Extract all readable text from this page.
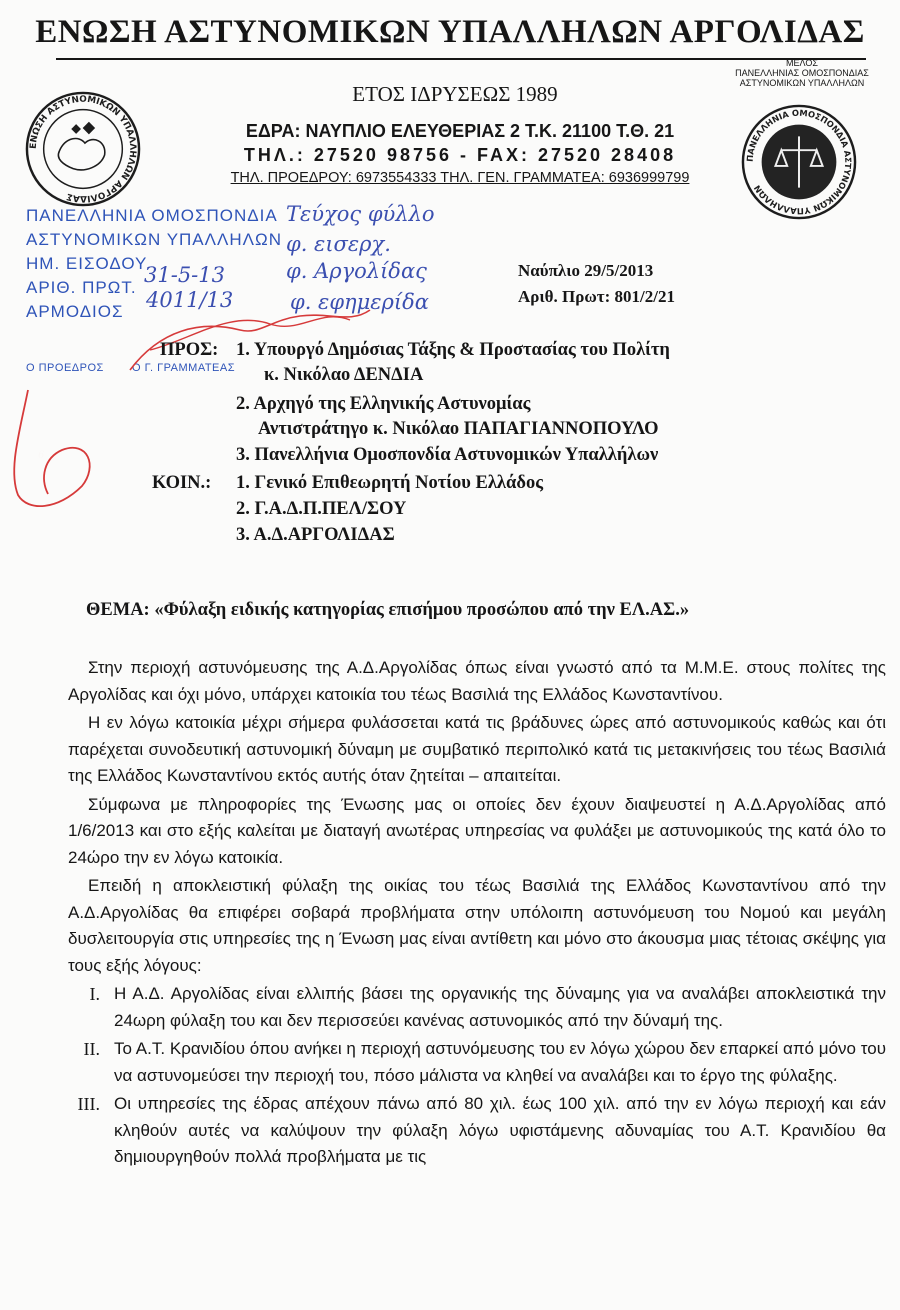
ΕΝΩΣΗ ΑΣΤΥΝΟΜΙΚΩΝ ΥΠΑΛΛΗΛΩΝ ΑΡΓΟΛΙΔΑΣ
ΜΕΛΟΣ
ΠΑΝΕΛΛΗΝΙΑΣ ΟΜΟΣΠΟΝΔΙΑΣ
ΑΣΤΥΝΟΜΙΚΩΝ ΥΠΑΛΛΗΛΩΝ
ΕΤΟΣ ΙΔΡΥΣΕΩΣ 1989
ΕΔΡΑ: ΝΑΥΠΛΙΟ ΕΛΕΥΘΕΡΙΑΣ 2 Τ.Κ. 21100 Τ.Θ. 21
ΤΗΛ.: 27520 98756 - FAX: 27520 28408
ΤΗΛ. ΠΡΟΕΔΡΟΥ: 6973554333 ΤΗΛ. ΓΕΝ. ΓΡΑΜΜΑΤΕΑ: 6936999799
ΕΝΩΣΗ ΑΣΤΥΝΟΜΙΚΩΝ ΥΠΑΛΛΗΛΩΝ ΑΡΓΟΛΙΔΑΣ
ΠΑΝΕΛΛΗΝΙΑ ΟΜΟΣΠΟΝΔΙΑ ΑΣΤΥΝΟΜΙΚΩΝ ΥΠΑΛΛΗΛΩΝ
ΠΑΝΕΛΛΗΝΙΑ ΟΜΟΣΠΟΝΔΙΑ
ΑΣΤΥΝΟΜΙΚΩΝ ΥΠΑΛΛΗΛΩΝ
ΗΜ. ΕΙΣΟΔΟΥ
ΑΡΙΘ. ΠΡΩΤ.
ΑΡΜΟΔΙΟΣ
Ο ΠΡΟΕΔΡΟΣ	Ο Γ. ΓΡΑΜΜΑΤΕΑΣ
31-5-13
4011/13
Τεύχος φύλλο
φ. εισερχ.
φ. Αργολίδας
φ. εφημερίδα
Ναύπλιο 29/5/2013
Αριθ. Πρωτ: 801/2/21
ΠΡΟΣ: 1. Υπουργό Δημόσιας Τάξης & Προστασίας του Πολίτη
κ. Νικόλαο ΔΕΝΔΙΑ
2. Αρχηγό της Ελληνικής Αστυνομίας
Αντιστράτηγο κ. Νικόλαο ΠΑΠΑΓΙΑΝΝΟΠΟΥΛΟ
3. Πανελλήνια Ομοσπονδία Αστυνομικών Υπαλλήλων
ΚΟΙΝ.: 1. Γενικό Επιθεωρητή Νοτίου Ελλάδος
2. Γ.Α.Δ.Π.ΠΕΛ/ΣΟΥ
3. Α.Δ.ΑΡΓΟΛΙΔΑΣ
ΘΕΜΑ: «Φύλαξη ειδικής κατηγορίας επισήμου προσώπου από την ΕΛ.ΑΣ.»

Στην περιοχή αστυνόμευσης της Α.Δ.Αργολίδας όπως είναι γνωστό από τα Μ.Μ.Ε. στους πολίτες της Αργολίδας και όχι μόνο, υπάρχει κατοικία του τέως Βασιλιά της Ελλάδος Κωνσταντίνου.

Η εν λόγω κατοικία μέχρι σήμερα φυλάσσεται κατά τις βράδυνες ώρες από αστυνομικούς καθώς και ότι παρέχεται συνοδευτική αστυνομική δύναμη με συμβατικό περιπολικό κατά τις μετακινήσεις του τέως Βασιλιά της Ελλάδος Κωνσταντίνου εκτός αυτής όταν ζητείται – απαιτείται.

Σύμφωνα με πληροφορίες της Ένωσης μας οι οποίες δεν έχουν διαψευστεί η Α.Δ.Αργολίδας από 1/6/2013 και στο εξής καλείται με διαταγή ανωτέρας υπηρεσίας να φυλάξει με αστυνομικούς της κατά όλο το 24ώρο την εν λόγω κατοικία.

Επειδή η αποκλειστική φύλαξη της οικίας του τέως Βασιλιά της Ελλάδος Κωνσταντίνου από την Α.Δ.Αργολίδας θα επιφέρει σοβαρά προβλήματα στην υπόλοιπη αστυνόμευση του Νομού και μεγάλη δυσλειτουργία στις υπηρεσίες της η Ένωση μας είναι αντίθετη και μόνο στο άκουσμα μιας τέτοιας σκέψης για τους εξής λόγους:

I. Η Α.Δ. Αργολίδας είναι ελλιπής βάσει της οργανικής της δύναμης για να αναλάβει αποκλειστικά την 24ωρη φύλαξη του και δεν περισσεύει κανένας αστυνομικός από την δύναμή της.
II. Το Α.Τ. Κρανιδίου όπου ανήκει η περιοχή αστυνόμευσης του εν λόγω χώρου δεν επαρκεί από μόνο του να αστυνομεύσει την περιοχή του, πόσο μάλιστα να κληθεί να αναλάβει και το έργο της φύλαξης.
III. Οι υπηρεσίες της έδρας απέχουν πάνω από 80 χιλ. έως 100 χιλ. από την εν λόγω περιοχή και εάν κληθούν αυτές να καλύψουν την φύλαξη λόγω υφιστάμενης αδυναμίας του Α.Τ. Κρανιδίου θα δημιουργηθούν πολλά προβλήματα με τις
